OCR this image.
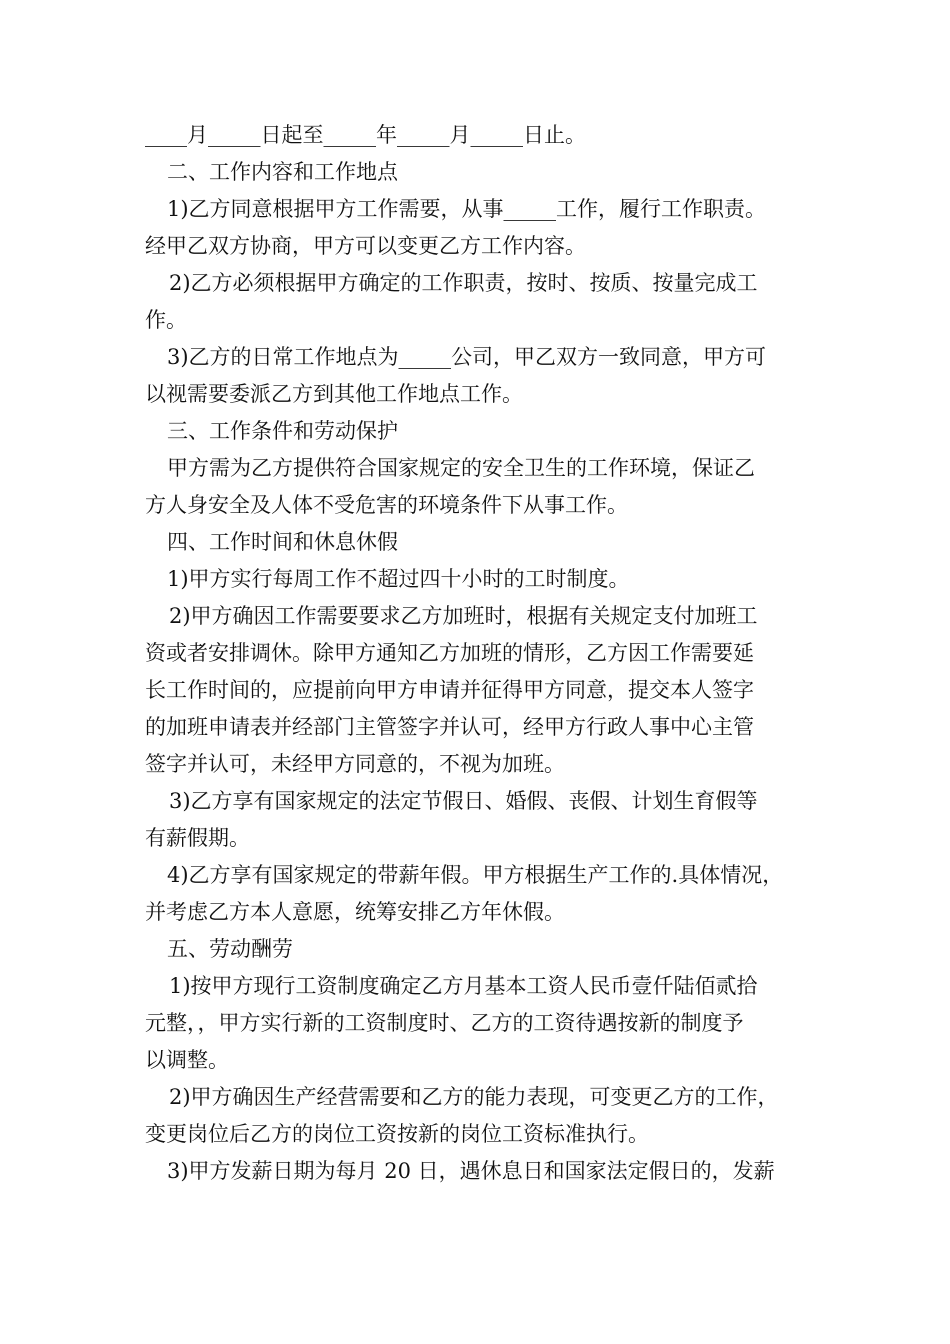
____月_____日起至_____年_____月_____日止。
二、工作内容和工作地点
1)乙方同意根据甲方工作需要，从事_____工作，履行工作职责。
经甲乙双方协商，甲方可以变更乙方工作内容。
2)乙方必须根据甲方确定的工作职责，按时、按质、按量完成工
作。
3)乙方的日常工作地点为_____公司，甲乙双方一致同意，甲方可
以视需要委派乙方到其他工作地点工作。
三、工作条件和劳动保护
甲方需为乙方提供符合国家规定的安全卫生的工作环境，保证乙
方人身安全及人体不受危害的环境条件下从事工作。
四、工作时间和休息休假
1)甲方实行每周工作不超过四十小时的工时制度。
2)甲方确因工作需要要求乙方加班时，根据有关规定支付加班工
资或者安排调休。除甲方通知乙方加班的情形，乙方因工作需要延
长工作时间的，应提前向甲方申请并征得甲方同意，提交本人签字
的加班申请表并经部门主管签字并认可，经甲方行政人事中心主管
签字并认可，未经甲方同意的，不视为加班。
3)乙方享有国家规定的法定节假日、婚假、丧假、计划生育假等
有薪假期。
4)乙方享有国家规定的带薪年假。甲方根据生产工作的.具体情况，
并考虑乙方本人意愿，统筹安排乙方年休假。
五、劳动酬劳
1)按甲方现行工资制度确定乙方月基本工资人民币壹仟陆佰贰拾
元整，，甲方实行新的工资制度时、乙方的工资待遇按新的制度予
以调整。
2)甲方确因生产经营需要和乙方的能力表现，可变更乙方的工作，
变更岗位后乙方的岗位工资按新的岗位工资标准执行。
3)甲方发薪日期为每月 20 日，遇休息日和国家法定假日的，发薪
